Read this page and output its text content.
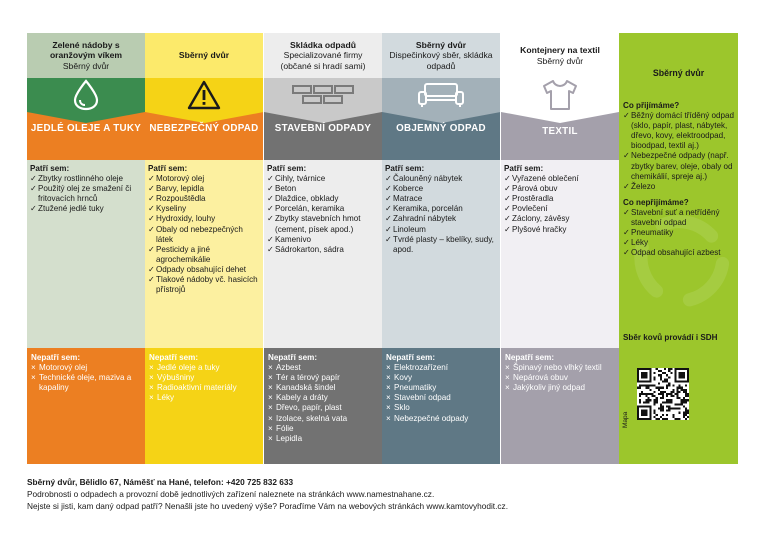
Zelené nádoby s oranžovým víkem
Sběrný dvůr
JEDLÉ OLEJE A TUKY
Patří sem:
✓ Zbytky rostlinného oleje
✓ Použitý olej ze smažení či fritovacích hrnců
✓ Ztužené jedlé tuky
Nepatří sem:
× Motorový olej
× Technické oleje, maziva a kapaliny
Sběrný dvůr
NEBEZPEČNÝ ODPAD
Patří sem:
✓ Motorový olej
✓ Barvy, lepidla
✓ Rozpouštědla
✓ Kyseliny
✓ Hydroxidy, louhy
✓ Obaly od nebezpečných látek
✓ Pesticidy a jiné agrochemikálie
✓ Odpady obsahující dehet
✓ Tlakové nádoby vč. hasicích přístrojů
Nepatří sem:
× Jedlé oleje a tuky
× Výbušniny
× Radioaktivní materiály
× Léky
Skládka odpadů
Specializované firmy (občané si hradí sami)
STAVEBNÍ ODPADY
Patří sem:
✓ Cihly, tvárnice
✓ Beton
✓ Dlaždice, obklady
✓ Porcelán, keramika
✓ Zbytky stavebních hmot (cement, písek apod.)
✓ Kamenivo
✓ Sádrokarton, sádra
Nepatří sem:
× Azbest
× Tér a térový papír
× Kanadská šindel
× Kabely a dráty
× Dřevo, papír, plast
× Izolace, skelná vata
× Fólie
× Lepidla
Sběrný dvůr
Dispečinkový sběr, skládka odpadů
OBJEMNÝ ODPAD
Patří sem:
✓ Čalouněný nábytek
✓ Koberce
✓ Matrace
✓ Keramika, porcelán
✓ Zahradní nábytek
✓ Linoleum
✓ Tvrdé plasty – kbelíky, sudy, apod.
Nepatří sem:
× Elektrozařízení
× Kovy
× Pneumatiky
× Stavební odpad
× Sklo
× Nebezpečné odpady
Kontejnery na textil
Sběrný dvůr
TEXTIL
Patří sem:
✓ Vyřazené oblečení
✓ Párová obuv
✓ Prostěradla
✓ Povlečení
✓ Záclony, závěsy
✓ Plyšové hračky
Nepatří sem:
× Špinavý nebo vlhký textil
× Nepárová obuv
× Jakýkoliv jiný odpad
Sběrný dvůr
Co přijímáme?
✓ Běžný domácí tříděný odpad (sklo, papír, plast, nábytek, dřevo, kovy, elektroodpad, bioodpad, textil aj.)
✓ Nebezpečné odpady (např. zbytky barev, oleje, obaly od chemikálií, spreje aj.)
✓ Železo
Co nepřijímáme?
✓ Stavební suť a netříděný stavební odpad
✓ Pneumatiky
✓ Léky
✓ Odpad obsahující azbest
Sběr kovů provádí i SDH
Mapa
Sběrný dvůr, Bělidlo 67, Náměšť na Hané, telefon: +420 725 832 633
Podrobnosti o odpadech a provozní době jednotlivých zařízení naleznete na stránkách www.namestnahane.cz.
Nejste si jisti, kam daný odpad patří? Nenašli jste ho uvedený výše? Poraďíme Vám na webových stránkách www.kamtovyhodit.cz.
